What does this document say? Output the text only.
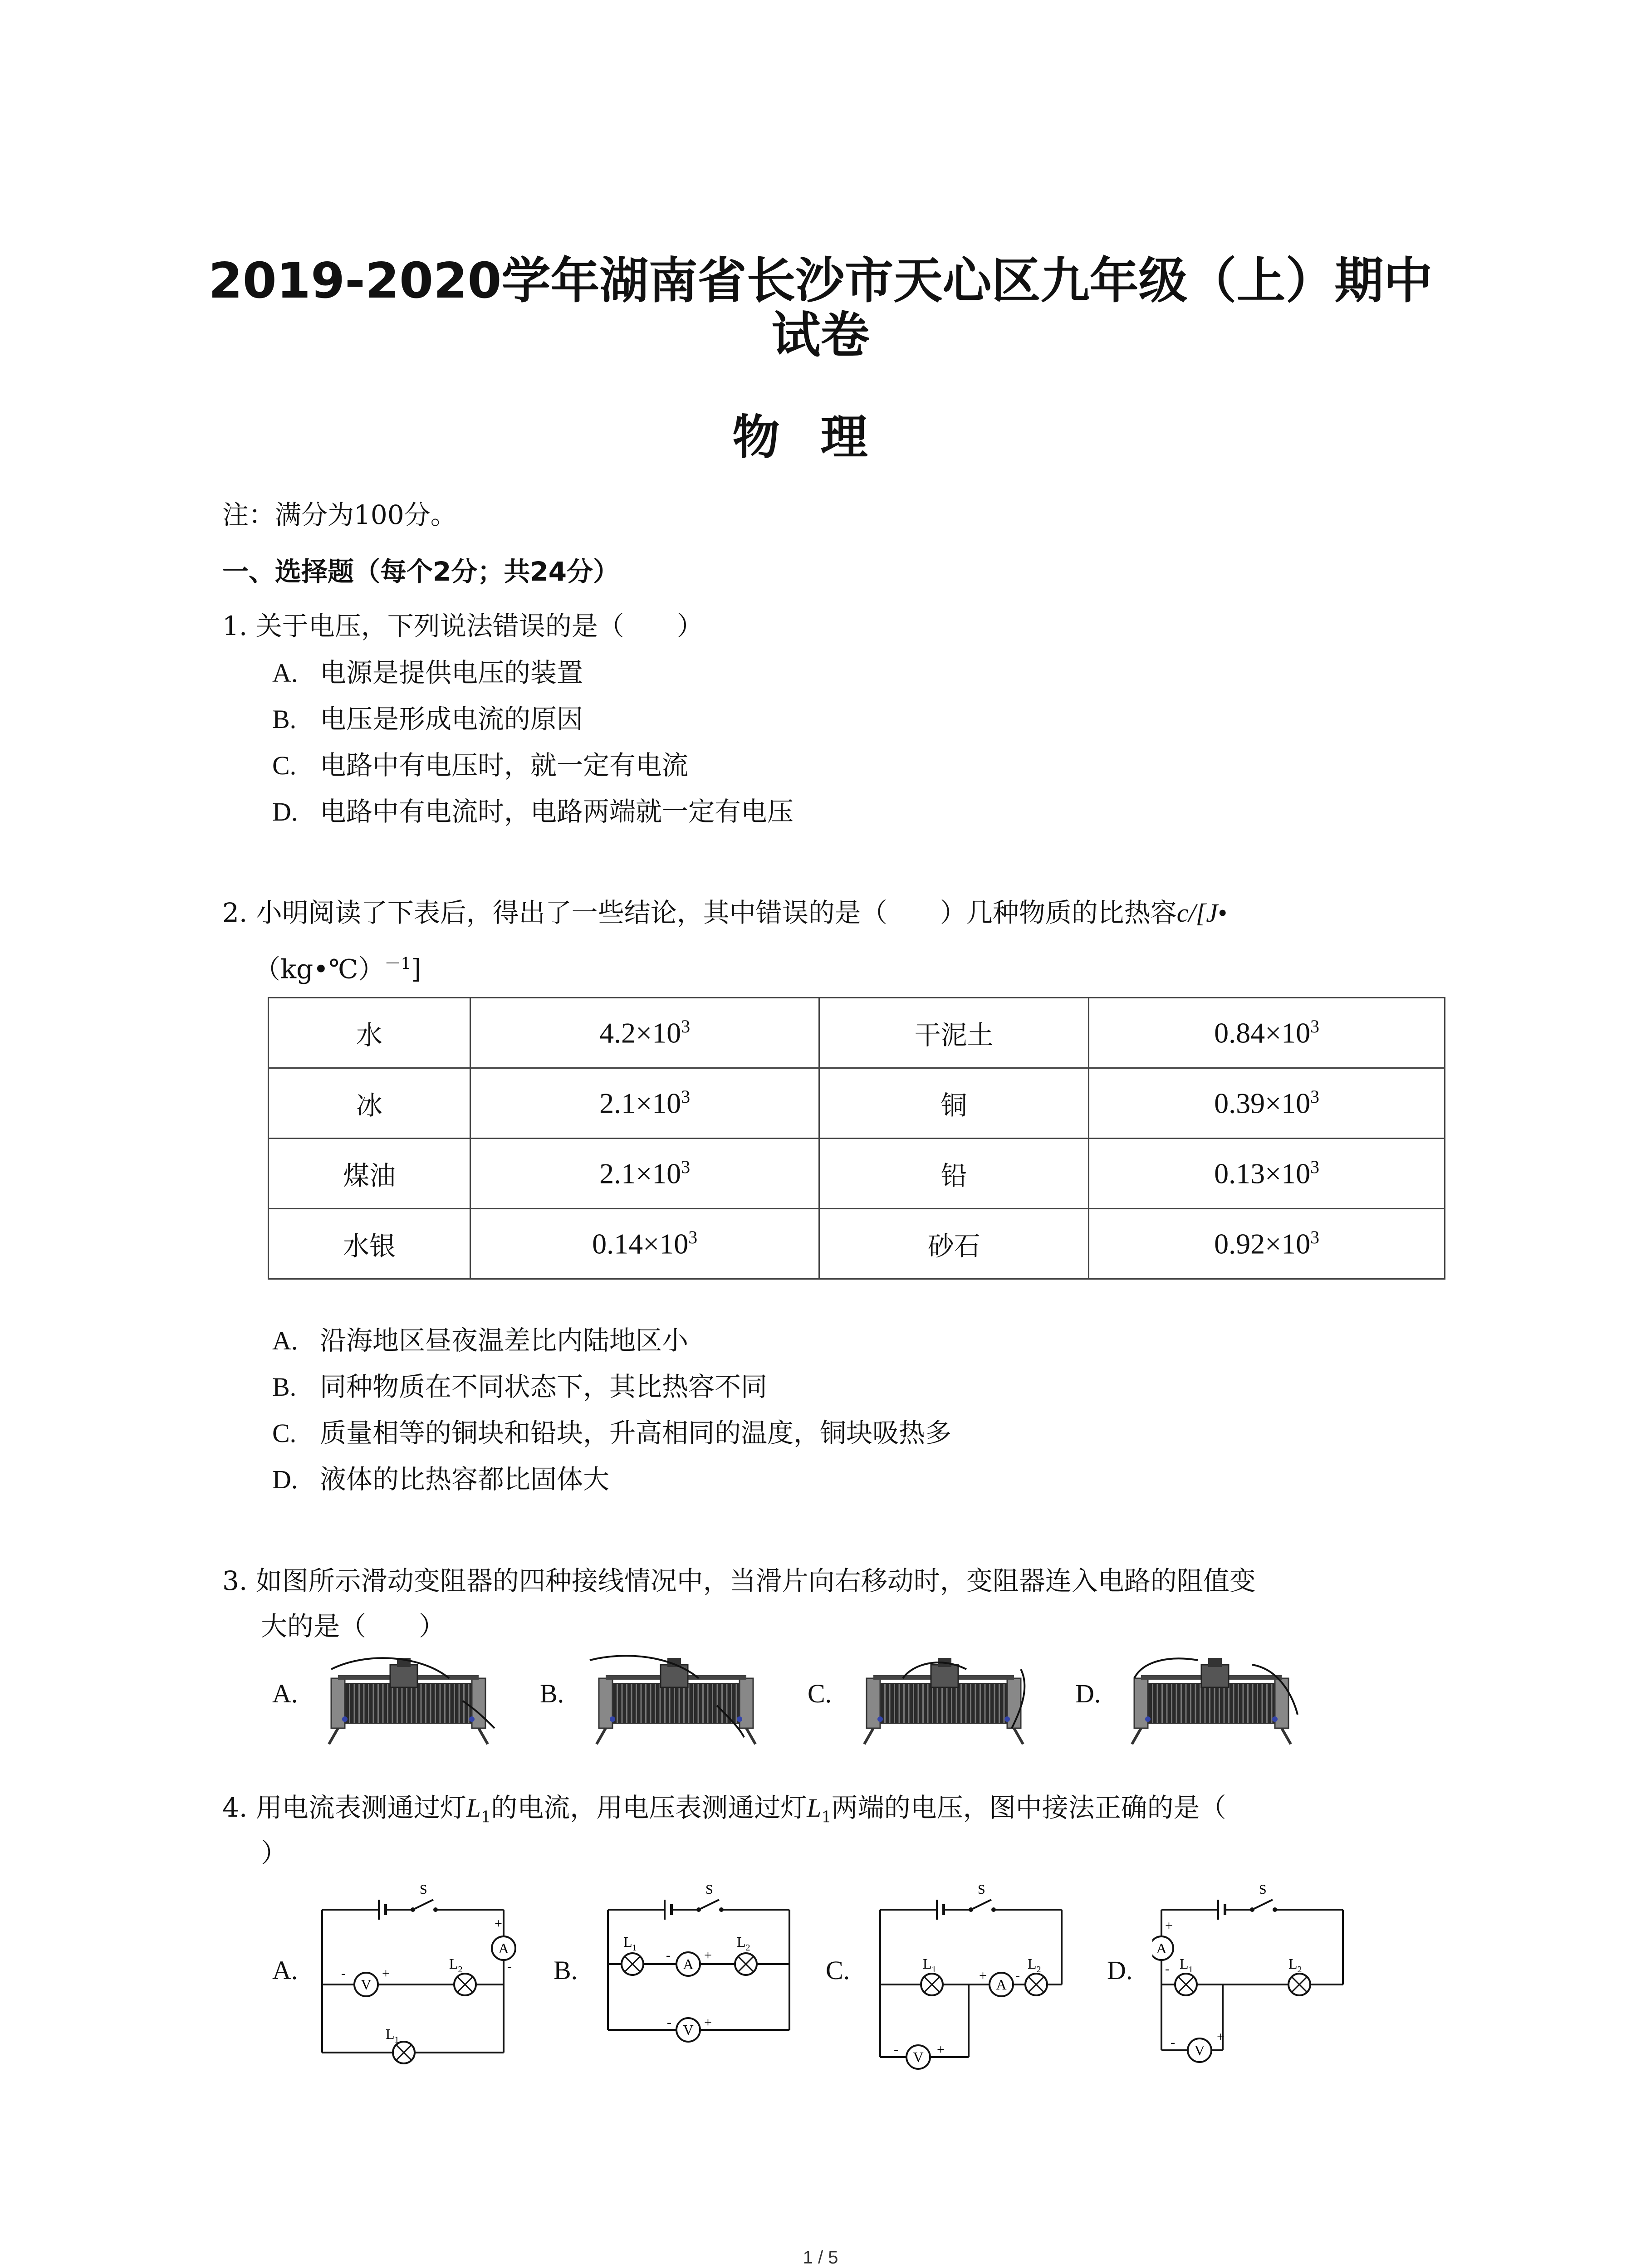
2019-2020学年湖南省长沙市天心区九年级（上）期中
试卷
物理
注：满分为100分。
一、选择题（每个2分；共24分）
1. 关于电压，下列说法错误的是（　　）
A. 电源是提供电压的装置
B. 电压是形成电流的原因
C. 电路中有电压时，就一定有电流
D. 电路中有电流时，电路两端就一定有电压
2. 小明阅读了下表后，得出了一些结论，其中错误的是（　　）几种物质的比热容c/[J•
（kg•℃）$^{-1}$]
水	$4.2\times 10^3$	干泥土	$0.84\times 10^3$
冰	$2.1\times 10^3$	铜	$0.39\times 10^3$
煤油	$2.1\times 10^3$	铅	$0.13\times 10^3$
水银	$0.14\times 10^3$	砂石	$0.92\times 10^3$
A. 沿海地区昼夜温差比内陆地区小
B. 同种物质在不同状态下，其比热容不同
C. 质量相等的铜块和铅块，升高相同的温度，铜块吸热多
D. 液体的比热容都比固体大
3. 如图所示滑动变阻器的四种接线情况中，当滑片向右移动时，变阻器连入电路的阻值变
大的是（　　）
A.	B.	C.	D.
4. 用电流表测通过灯$L_1$的电流，用电压表测通过灯$L_1$两端的电压，图中接法正确的是（
）
A.
S
A
V
-	+
+
-
$L_2$
$L_1$
B.
S
A
V
$L_1$ - +
$L_2$
- +
C.
S
A
V
$L_1$	+ -
$L_2$
-	+
D.
S
A
V
+
- $L_1$	$L_2$
-	+
1 / 5
